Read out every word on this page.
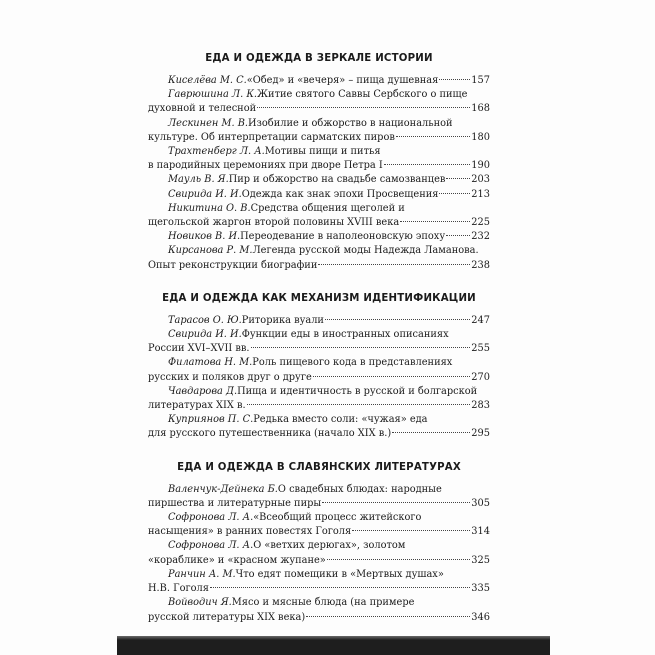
ЕДА И ОДЕЖДА В ЗЕРКАЛЕ ИСТОРИИ
Киселёва М. С. «Обед» и «вечеря» – пища душевная	157
Гаврюшина Л. К. Житие святого Саввы Сербского о пище
духовной и телесной	168
Лескинен М. В. Изобилие и обжорство в национальной
культуре. Об интерпретации сарматских пиров	180
Трахтенберг Л. А. Мотивы пищи и питья
в пародийных церемониях при дворе Петра I	190
Мауль В. Я. Пир и обжорство на свадьбе самозванцев	203
Свирида И. И. Одежда как знак эпохи Просвещения	213
Никитина О. В. Средства общения щеголей и
щегольской жаргон второй половины XVIII века	225
Новиков В. И. Переодевание в наполеоновскую эпоху	232
Кирсанова Р. М. Легенда русской моды Надежда Ламанова.
Опыт реконструкции биографии	238
ЕДА И ОДЕЖДА КАК МЕХАНИЗМ ИДЕНТИФИКАЦИИ
Тарасов О. Ю. Риторика вуали	247
Свирида И. И. Функции еды в иностранных описаниях
России XVI–XVII вв.	255
Филатова Н. М. Роль пищевого кода в представлениях
русских и поляков друг о друге	270
Чавдарова Д. Пища и идентичность в русской и болгарской
литературах XIX в.	283
Куприянов П. С. Редька вместо соли: «чужая» еда
для русского путешественника (начало XIX в.)	295
ЕДА И ОДЕЖДА В СЛАВЯНСКИХ ЛИТЕРАТУРАХ
Валенчук-Дейнека Б. О свадебных блюдах: народные
пиршества и литературные пиры	305
Софронова Л. А. «Всеобщий процесс житейского
насыщения» в ранних повестях Гоголя	314
Софронова Л. А. О «ветхих дерюгах», золотом
«кораблике» и «красном жупане»	325
Ранчин А. М. Что едят помещики в «Мертвых душах»
Н.В. Гоголя	335
Войводич Я. Мясо и мясные блюда (на примере
русской литературы XIX века)	346
